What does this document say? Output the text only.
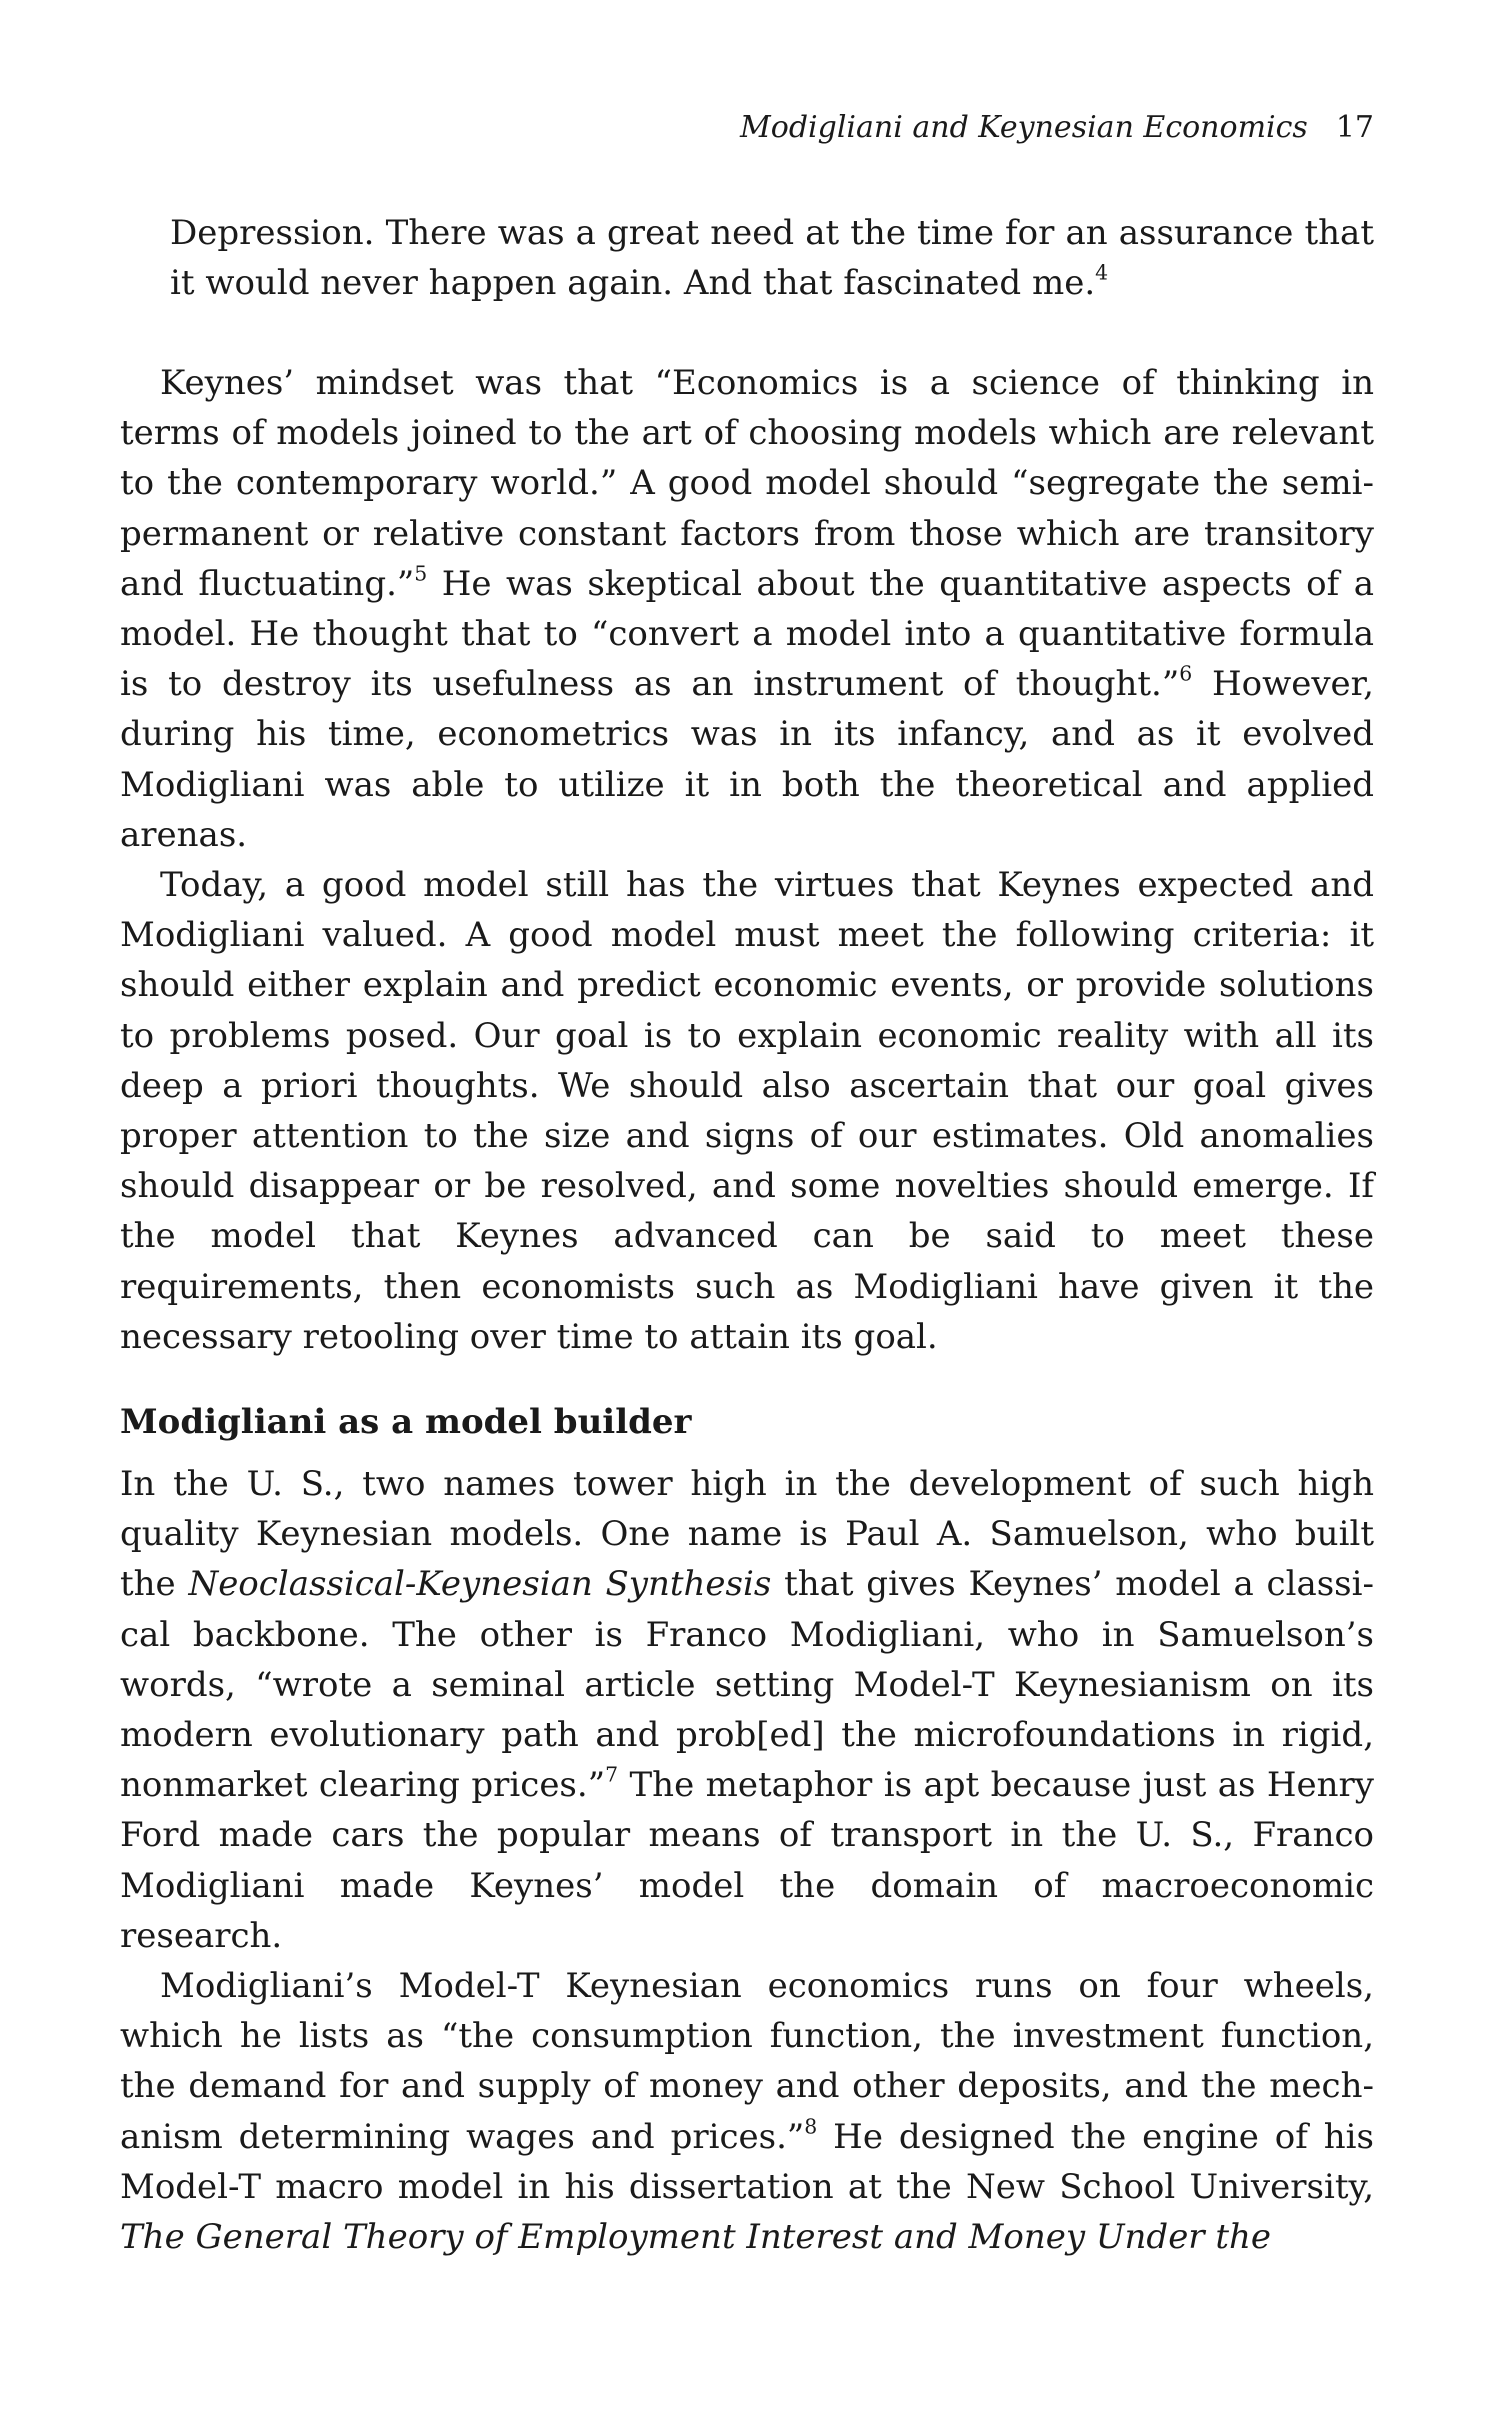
Modigliani and Keynesian Economics 17

Depression. There was a great need at the time for an assurance that it would never happen again. And that fascinated me.$^4$

Keynes’ mindset was that “Economics is a science of thinking in terms of models joined to the art of choosing models which are relevant to the contemporary world.” A good model should “segregate the semipermanent or relative constant factors from those which are transitory and fluctuating.”$^5$ He was skeptical about the quantitative aspects of a model. He thought that to “convert a model into a quantitative formula is to destroy its usefulness as an instrument of thought.”$^6$ However, during his time, econometrics was in its infancy, and as it evolved Modigliani was able to utilize it in both the theoretical and applied arenas.

Today, a good model still has the virtues that Keynes expected and Modigliani valued. A good model must meet the following criteria: it should either explain and predict economic events, or provide solutions to problems posed. Our goal is to explain economic reality with all its deep a priori thoughts. We should also ascertain that our goal gives proper attention to the size and signs of our estimates. Old anomalies should disappear or be resolved, and some novelties should emerge. If the model that Keynes advanced can be said to meet these requirements, then economists such as Modigliani have given it the necessary retooling over time to attain its goal.

Modigliani as a model builder

In the U. S., two names tower high in the development of such high quality Keynesian models. One name is Paul A. Samuelson, who built the Neoclassical-Keynesian Synthesis that gives Keynes’ model a classical backbone. The other is Franco Modigliani, who in Samuelson’s words, “wrote a seminal article setting Model-T Keynesianism on its modern evolutionary path and prob[ed] the microfoundations in rigid, nonmarket clearing prices.”$^7$ The metaphor is apt because just as Henry Ford made cars the popular means of transport in the U. S., Franco Modigliani made Keynes’ model the domain of macroeconomic research.

Modigliani’s Model-T Keynesian economics runs on four wheels, which he lists as “the consumption function, the investment function, the demand for and supply of money and other deposits, and the mechanism determining wages and prices.”$^8$ He designed the engine of his Model-T macro model in his dissertation at the New School University, The General Theory of Employment Interest and Money Under the
